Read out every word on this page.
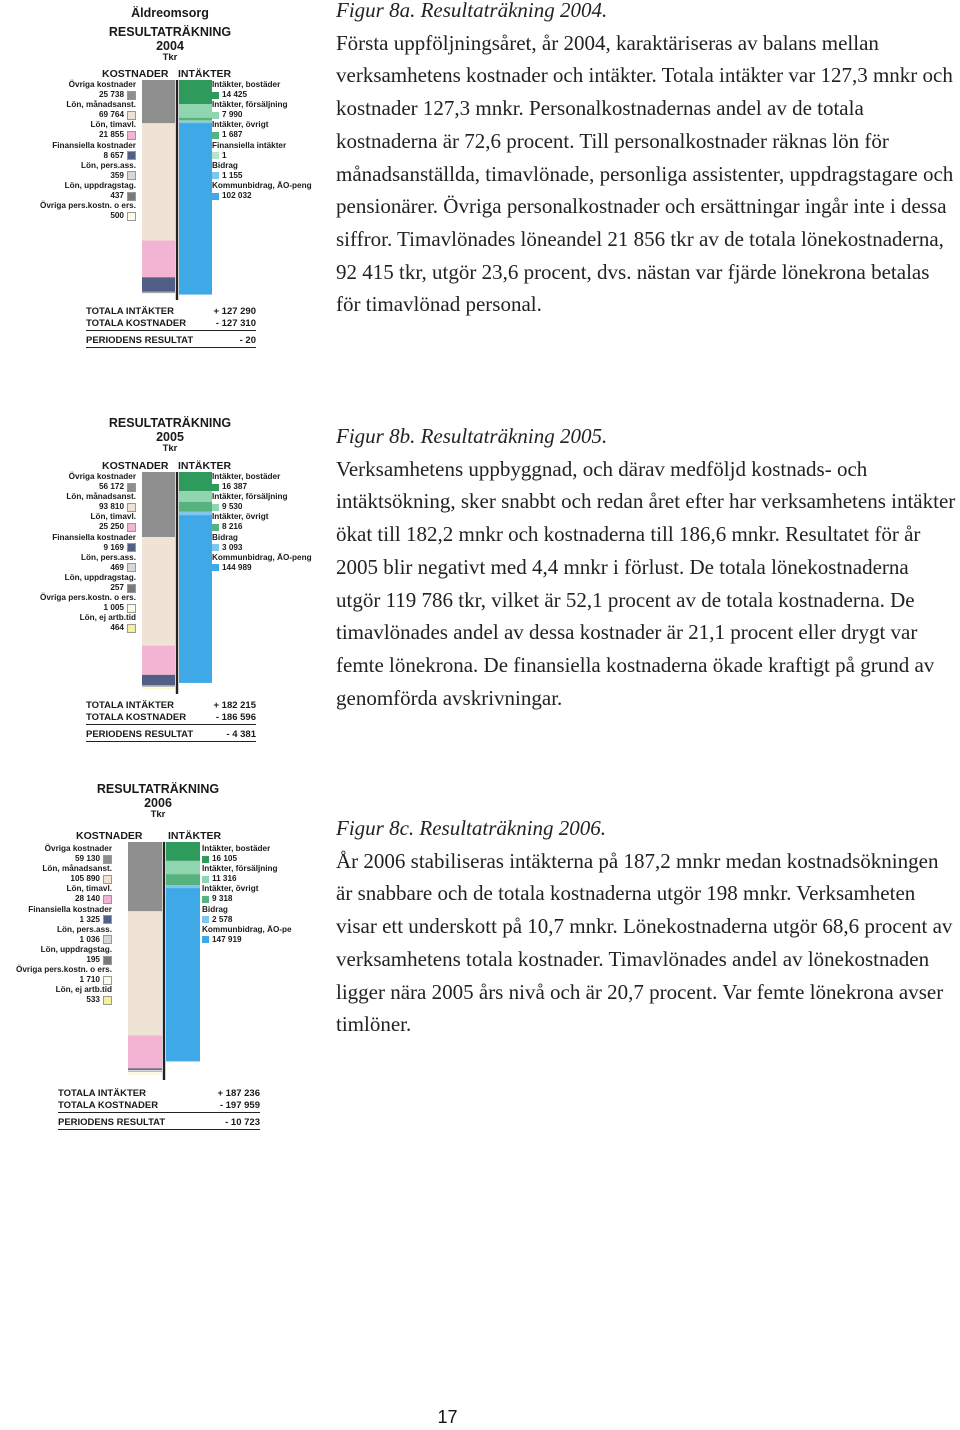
Äldreomsorg
RESULTATRÄKNING
2004
Tkr
KOSTNADER INTÄKTER
Övriga kostnader
25 738
Lön, månadsanst.
69 764
Lön, timavl.
21 855
Finansiella kostnader
8 657
Lön, pers.ass.
359
Lön, uppdragstag.
437
Övriga pers.kostn. o ers.
500
Intäkter, bostäder
14 425
Intäkter, försäljning
7 990
Intäkter, övrigt
1 687
Finansiella intäkter
1
Bidrag
1 155
Kommunbidrag, ÄO-peng
102 032
TOTALA INTÄKTER	+ 127 290
TOTALA KOSTNADER	- 127 310
PERIODENS RESULTAT	- 20
RESULTATRÄKNING
2005
Tkr
KOSTNADER INTÄKTER
Övriga kostnader
56 172
Lön, månadsanst.
93 810
Lön, timavl.
25 250
Finansiella kostnader
9 169
Lön, pers.ass.
469
Lön, uppdragstag.
257
Övriga pers.kostn. o ers.
1 005
Lön, ej artb.tid
464
Intäkter, bostäder
16 387
Intäkter, försäljning
9 530
Intäkter, övrigt
8 216
Bidrag
3 093
Kommunbidrag, ÄO-peng
144 989
TOTALA INTÄKTER	+ 182 215
TOTALA KOSTNADER	- 186 596
PERIODENS RESULTAT	- 4 381
RESULTATRÄKNING
2006
Tkr
KOSTNADER INTÄKTER
Övriga kostnader
59 130
Lön, månadsanst.
105 890
Lön, timavl.
28 140
Finansiella kostnader
1 325
Lön, pers.ass.
1 036
Lön, uppdragstag.
195
Övriga pers.kostn. o ers.
1 710
Lön, ej artb.tid
533
Intäkter, bostäder
16 105
Intäkter, försäljning
11 316
Intäkter, övrigt
9 318
Bidrag
2 578
Kommunbidrag, ÄO-pe
147 919
TOTALA INTÄKTER	+ 187 236
TOTALA KOSTNADER	- 197 959
PERIODENS RESULTAT	- 10 723
Figur 8a. Resultaträkning 2004.

Första uppföljningsåret, år 2004, karaktäriseras av balans mellan verksamhetens kostnader och intäkter. Totala intäkter var 127,3 mnkr och kostnader 127,3 mnkr. Personalkostnadernas andel av de totala kostnaderna är 72,6 procent. Till personalkostnader räknas lön för månadsanställda, timavlönade, personliga assistenter, uppdragstagare och pensionärer. Övriga personalkostnader och ersättningar ingår inte i dessa siffror. Timavlönades löneandel 21 856 tkr av de totala lönekostnaderna, 92 415 tkr, utgör 23,6 procent, dvs. nästan var fjärde lönekrona betalas för timavlönad personal.

Figur 8b. Resultaträkning 2005.

Verksamhetens uppbyggnad, och därav medföljd kostnads- och intäktsökning, sker snabbt och redan året efter har verksamhetens intäkter ökat till 182,2 mnkr och kostnaderna till 186,6 mnkr. Resultatet för år 2005 blir negativt med 4,4 mnkr i förlust. De totala lönekostnaderna utgör 119 786 tkr, vilket är 52,1 procent av de totala kostnaderna. De timavlönades andel av dessa kostnader är 21,1 procent eller drygt var femte lönekrona. De finansiella kostnaderna ökade kraftigt på grund av genomförda avskrivningar.

Figur 8c. Resultaträkning 2006.

År 2006 stabiliseras intäkterna på 187,2 mnkr medan kostnadsökningen är snabbare och de totala kostnaderna utgör 198 mnkr. Verksamheten visar ett underskott på 10,7 mnkr. Lönekostnaderna utgör 68,6 procent av verksamhetens totala kostnader. Timavlönades andel av lönekostnaden ligger nära 2005 års nivå och är 20,7 procent. Var femte lönekrona avser timlöner.

17
